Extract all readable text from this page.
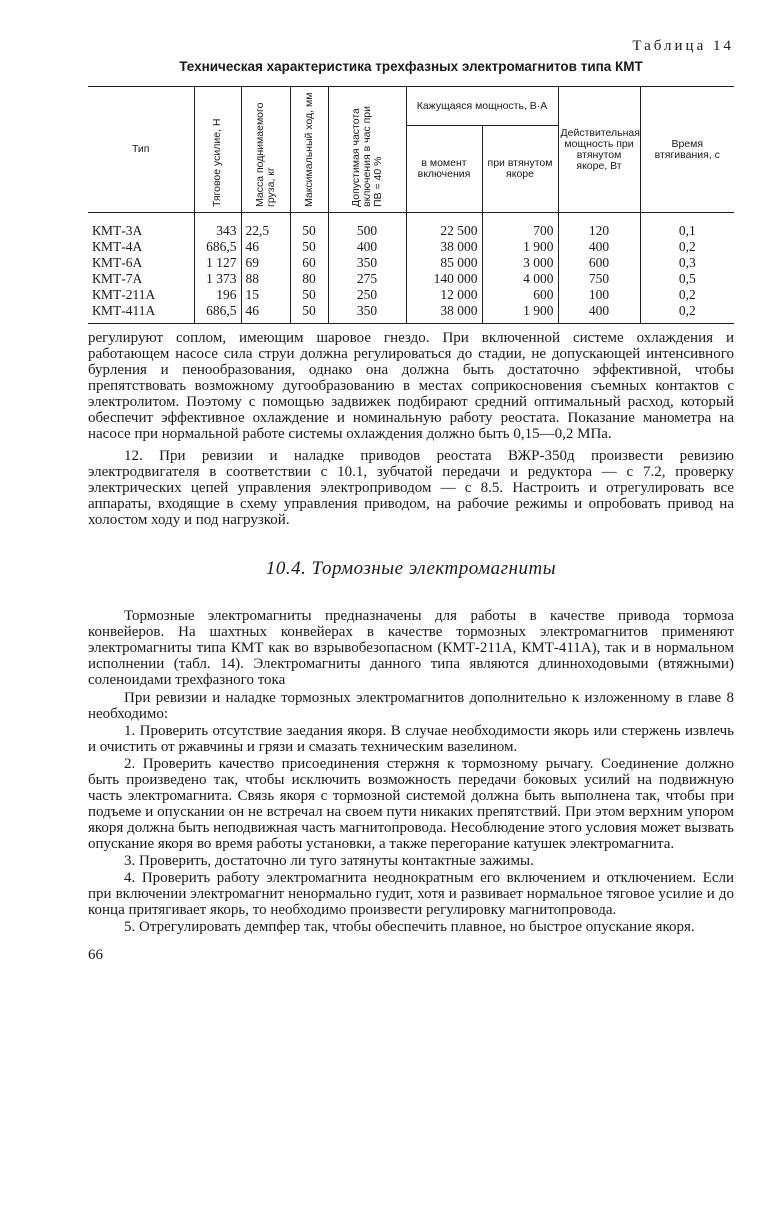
Таблица 14
Техническая характеристика трехфазных электромагнитов типа КМТ
Тип	Тяговое усилие, Н	Масса поднимаемого груза, кг	Максимальный ход, мм	Допустимая частота включения в час при ПВ = 40 %	Кажущаяся мощность, В·А		Действительная мощность при втянутом якоре, Вт	Время втягивания, с
					в момент включения	при втянутом якоре		
КМТ-3А	343	22,5	50	500	22 500	700	120	0,1
КМТ-4А	686,5	46	50	400	38 000	1 900	400	0,2
КМТ-6А	1 127	69	60	350	85 000	3 000	600	0,3
КМТ-7А	1 373	88	80	275	140 000	4 000	750	0,5
КМТ-211А	196	15	50	250	12 000	600	100	0,2
КМТ-411А	686,5	46	50	350	38 000	1 900	400	0,2

регулируют соплом, имеющим шаровое гнездо. При включенной системе охлаждения и работающем насосе сила струи должна регулироваться до стадии, не допускающей интенсивного бурления и пенообразования, однако она должна быть достаточно эффективной, чтобы препятствовать возможному дугообразованию в местах соприкосновения съемных контактов с электролитом. Поэтому с помощью задвижек подбирают средний оптимальный расход, который обеспечит эффективное охлаждение и номинальную работу реостата. Показание манометра на насосе при нормальной работе системы охлаждения должно быть 0,15—0,2 МПа.

12. При ревизии и наладке приводов реостата ВЖР-350д произвести ревизию электродвигателя в соответствии с 10.1, зубчатой передачи и редуктора — с 7.2, проверку электрических цепей управления электроприводом — с 8.5. Настроить и отрегулировать все аппараты, входящие в схему управления приводом, на рабочие режимы и опробовать привод на холостом ходу и под нагрузкой.

10.4. Тормозные электромагниты

Тормозные электромагниты предназначены для работы в качестве привода тормоза конвейеров. На шахтных конвейерах в качестве тормозных электромагнитов применяют электромагниты типа КМТ как во взрывобезопасном (КМТ-211А, КМТ-411А), так и в нормальном исполнении (табл. 14). Электромагниты данного типа являются длинноходовыми (втяжными) соленоидами трехфазного тока

При ревизии и наладке тормозных электромагнитов дополнительно к изложенному в главе 8 необходимо:

1. Проверить отсутствие заедания якоря. В случае необходимости якорь или стержень извлечь и очистить от ржавчины и грязи и смазать техническим вазелином.

2. Проверить качество присоединения стержня к тормозному рычагу. Соединение должно быть произведено так, чтобы исключить возможность передачи боковых усилий на подвижную часть электромагнита. Связь якоря с тормозной системой должна быть выполнена так, чтобы при подъеме и опускании он не встречал на своем пути никаких препятствий. При этом верхним упором якоря должна быть неподвижная часть магнитопровода. Несоблюдение этого условия может вызвать опускание якоря во время работы установки, а также перегорание катушек электромагнита.

3. Проверить, достаточно ли туго затянуты контактные зажимы.

4. Проверить работу электромагнита неоднократным его включением и отключением. Если при включении электромагнит ненормально гудит, хотя и развивает нормальное тяговое усилие и до конца притягивает якорь, то необходимо произвести регулировку магнитопровода.

5. Отрегулировать демпфер так, чтобы обеспечить плавное, но быстрое опускание якоря.

66
